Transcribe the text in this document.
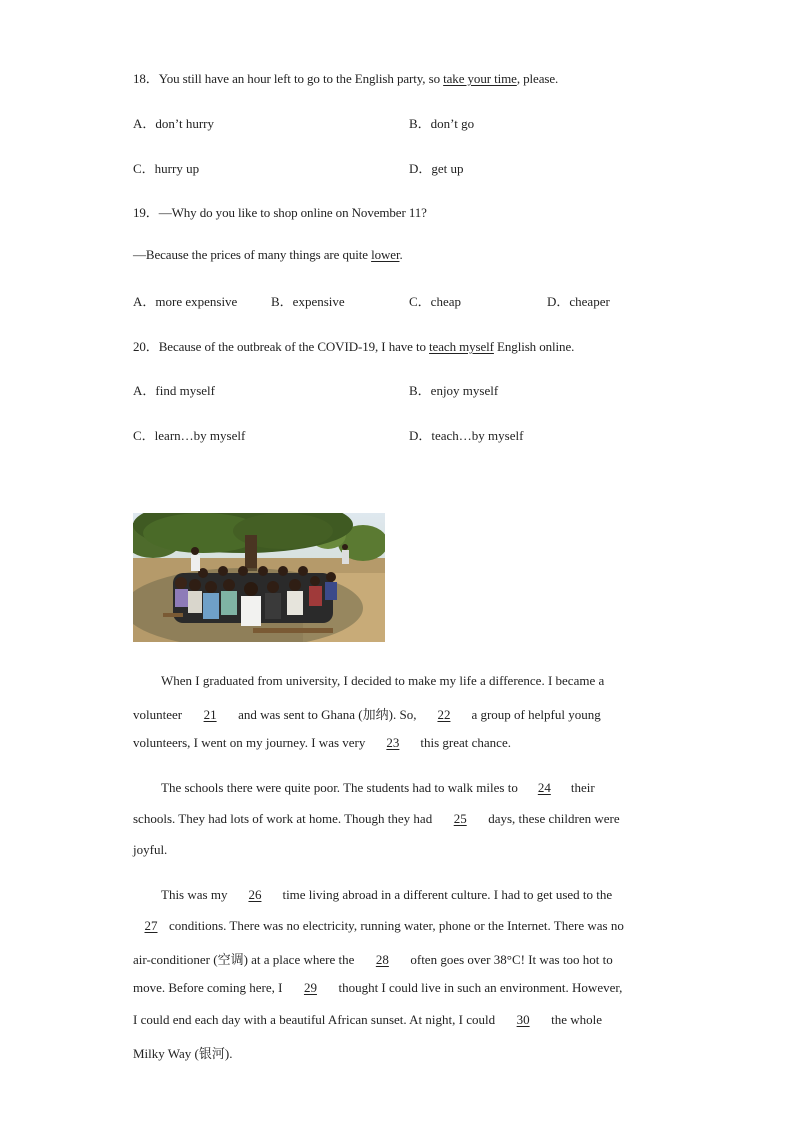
18．You still have an hour left to go to the English party, so take your time, please.
A．don’t hurry	B．don’t go
C．hurry up	D．get up
19．—Why do you like to shop online on November 11?
—Because the prices of many things are quite lower.
A．more expensive	B．expensive	C．cheap	D．cheaper
20．Because of the outbreak of the COVID-19, I have to teach myself English online.
A．find myself	B．enjoy myself
C．learn…by myself	D．teach…by myself
When I graduated from university, I decided to make my life a difference. I became a
volunteer 21 and was sent to Ghana (加纳). So, 22 a group of helpful young
volunteers, I went on my journey. I was very 23 this great chance.
The schools there were quite poor. The students had to walk miles to 24 their
schools. They had lots of work at home. Though they had 25 days, these children were
joyful.
This was my 26 time living abroad in a different culture. I had to get used to the
27 conditions. There was no electricity, running water, phone or the Internet. There was no
air-conditioner (空调) at a place where the 28 often goes over 38°C! It was too hot to
move. Before coming here, I 29 thought I could live in such an environment. However,
I could end each day with a beautiful African sunset. At night, I could 30 the whole
Milky Way (银河).
